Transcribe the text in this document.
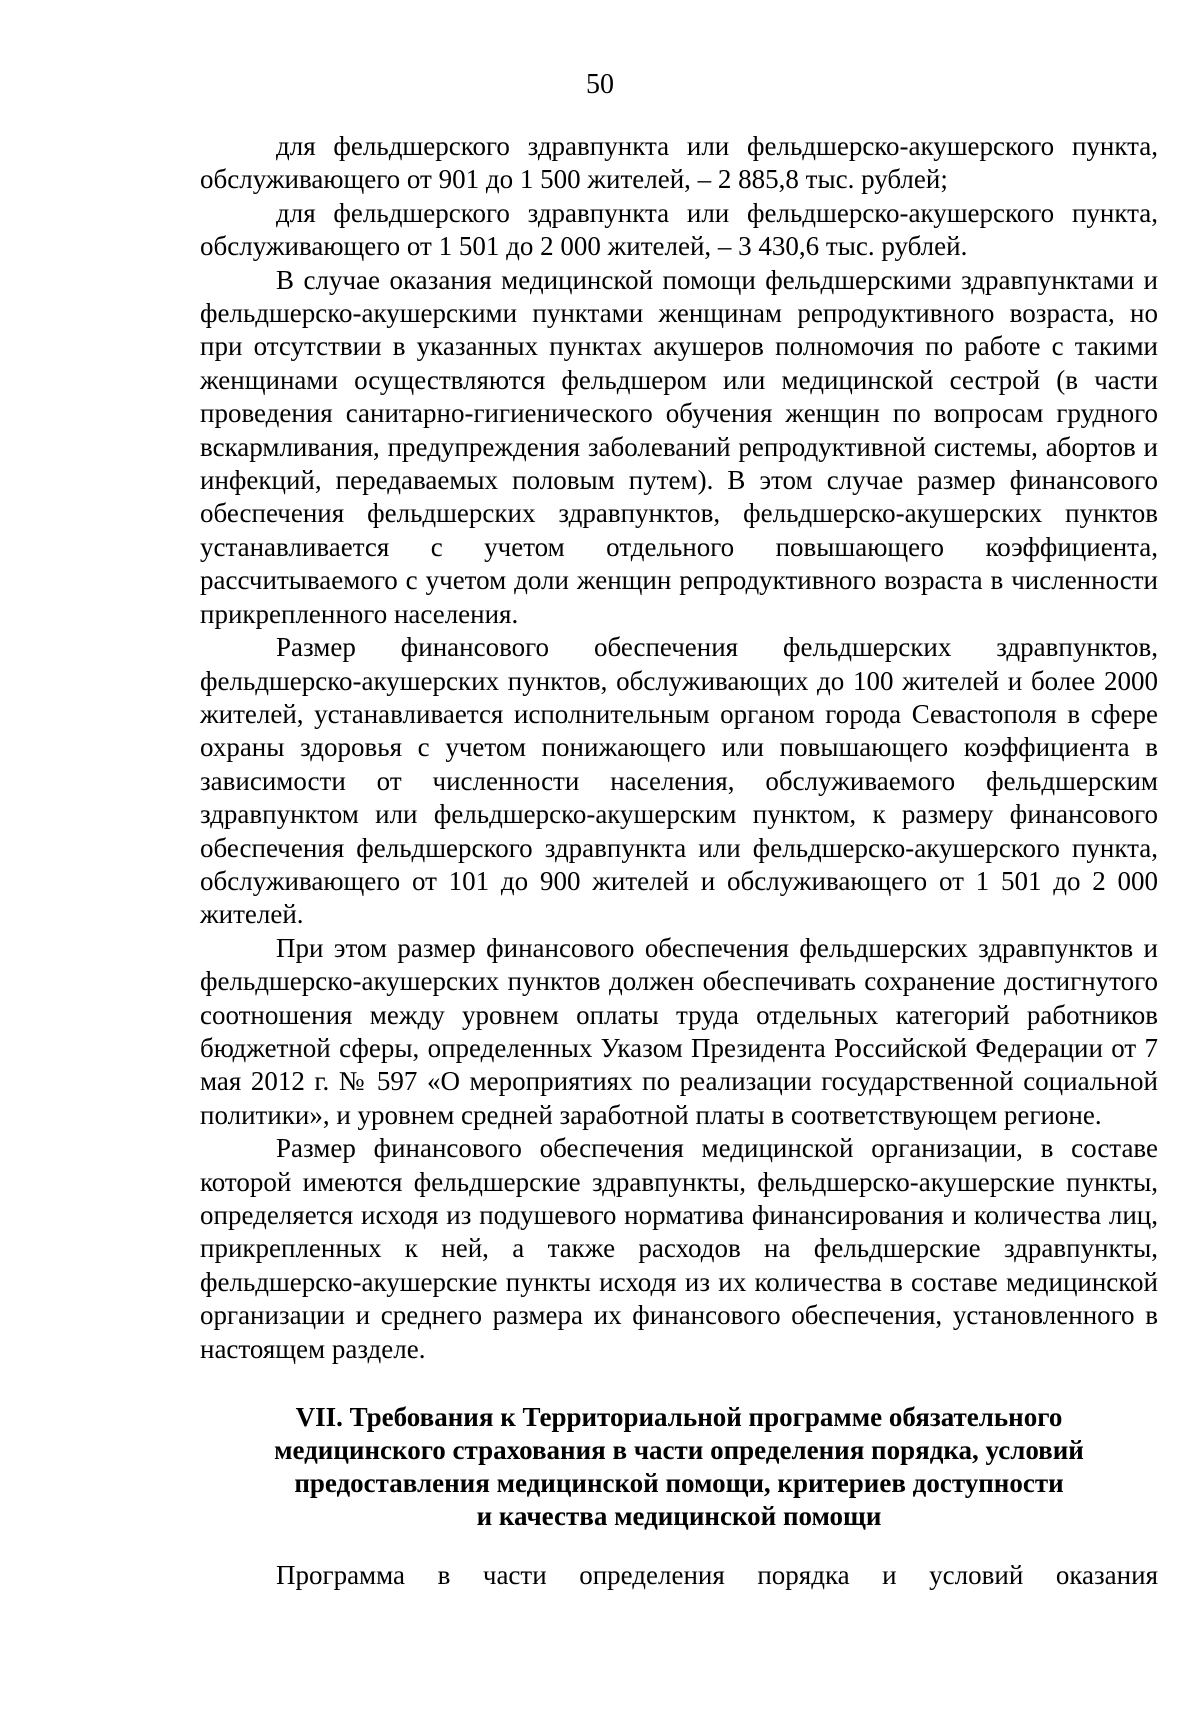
50

для фельдшерского здравпункта или фельдшерско-акушерского пункта, обслуживающего от 901 до 1 500 жителей, – 2 885,8 тыс. рублей;

для фельдшерского здравпункта или фельдшерско-акушерского пункта, обслуживающего от 1 501 до 2 000 жителей, – 3 430,6 тыс. рублей.

В случае оказания медицинской помощи фельдшерскими здравпунктами и фельдшерско-акушерскими пунктами женщинам репродуктивного возраста, но при отсутствии в указанных пунктах акушеров полномочия по работе с такими женщинами осуществляются фельдшером или медицинской сестрой (в части проведения санитарно-гигиенического обучения женщин по вопросам грудного вскармливания, предупреждения заболеваний репродуктивной системы, абортов и инфекций, передаваемых половым путем). В этом случае размер финансового обеспечения фельдшерских здравпунктов, фельдшерско-акушерских пунктов устанавливается с учетом отдельного повышающего коэффициента, рассчитываемого с учетом доли женщин репродуктивного возраста в численности прикрепленного населения.

Размер финансового обеспечения фельдшерских здравпунктов, фельдшерско-акушерских пунктов, обслуживающих до 100 жителей и более 2000 жителей, устанавливается исполнительным органом города Севастополя в сфере охраны здоровья с учетом понижающего или повышающего коэффициента в зависимости от численности населения, обслуживаемого фельдшерским здравпунктом или фельдшерско-акушерским пунктом, к размеру финансового обеспечения фельдшерского здравпункта или фельдшерско-акушерского пункта, обслуживающего от 101 до 900 жителей и обслуживающего от 1 501 до 2 000 жителей.

При этом размер финансового обеспечения фельдшерских здравпунктов и фельдшерско-акушерских пунктов должен обеспечивать сохранение достигнутого соотношения между уровнем оплаты труда отдельных категорий работников бюджетной сферы, определенных Указом Президента Российской Федерации от 7 мая 2012 г. № 597 «О мероприятиях по реализации государственной социальной политики», и уровнем средней заработной платы в соответствующем регионе.

Размер финансового обеспечения медицинской организации, в составе которой имеются фельдшерские здравпункты, фельдшерско-акушерские пункты, определяется исходя из подушевого норматива финансирования и количества лиц, прикрепленных к ней, а также расходов на фельдшерские здравпункты, фельдшерско-акушерские пункты исходя из их количества в составе медицинской организации и среднего размера их финансового обеспечения, установленного в настоящем разделе.

VII. Требования к Территориальной программе обязательного
медицинского страхования в части определения порядка, условий
предоставления медицинской помощи, критериев доступности
и качества медицинской помощи

Программа в части определения порядка и условий оказания
